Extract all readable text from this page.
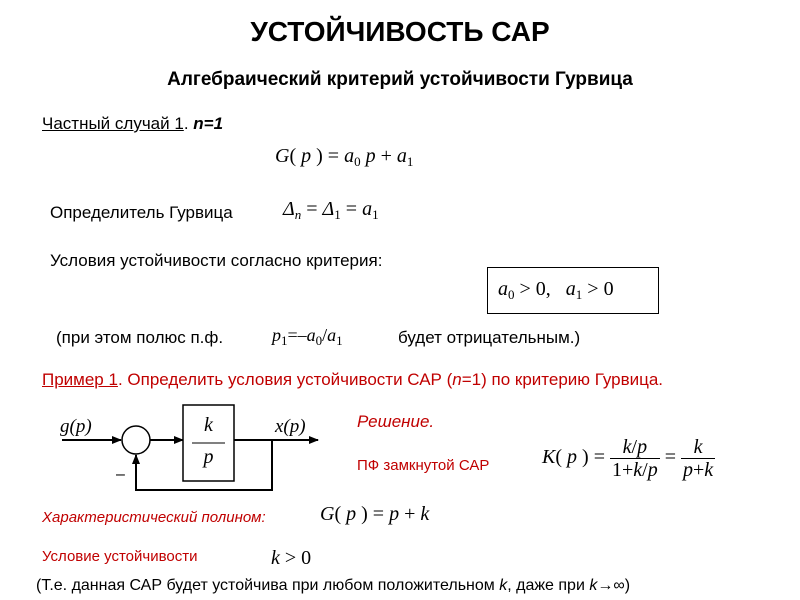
УСТОЙЧИВОСТЬ САР
Алгебраический критерий устойчивости Гурвица
Частный случай 1. n=1
G( p ) = $a_0$ $p + a_1$
Определитель Гурвица	$\Delta_n = \Delta_1 = a_1$
Условия устойчивости согласно критерия:
$a_0 > 0$, $a_1 > 0$
(при этом полюс п.ф.	$p_1=-a_0/a_1$	будет отрицательным.)
Пример 1. Определить условия устойчивости САР (n=1) по критерию Гурвица.
g(p)	x(p)
k
p
–
Решение.
ПФ замкнутой САР	K( p ) = $\frac{k/p}{1+k/p} = \frac{k}{p+k}$
Характеристический полином:	G( p ) = p + k
Условие устойчивости	k > 0
(Т.е. данная САР будет устойчива при любом положительном k, даже при k→∞)
